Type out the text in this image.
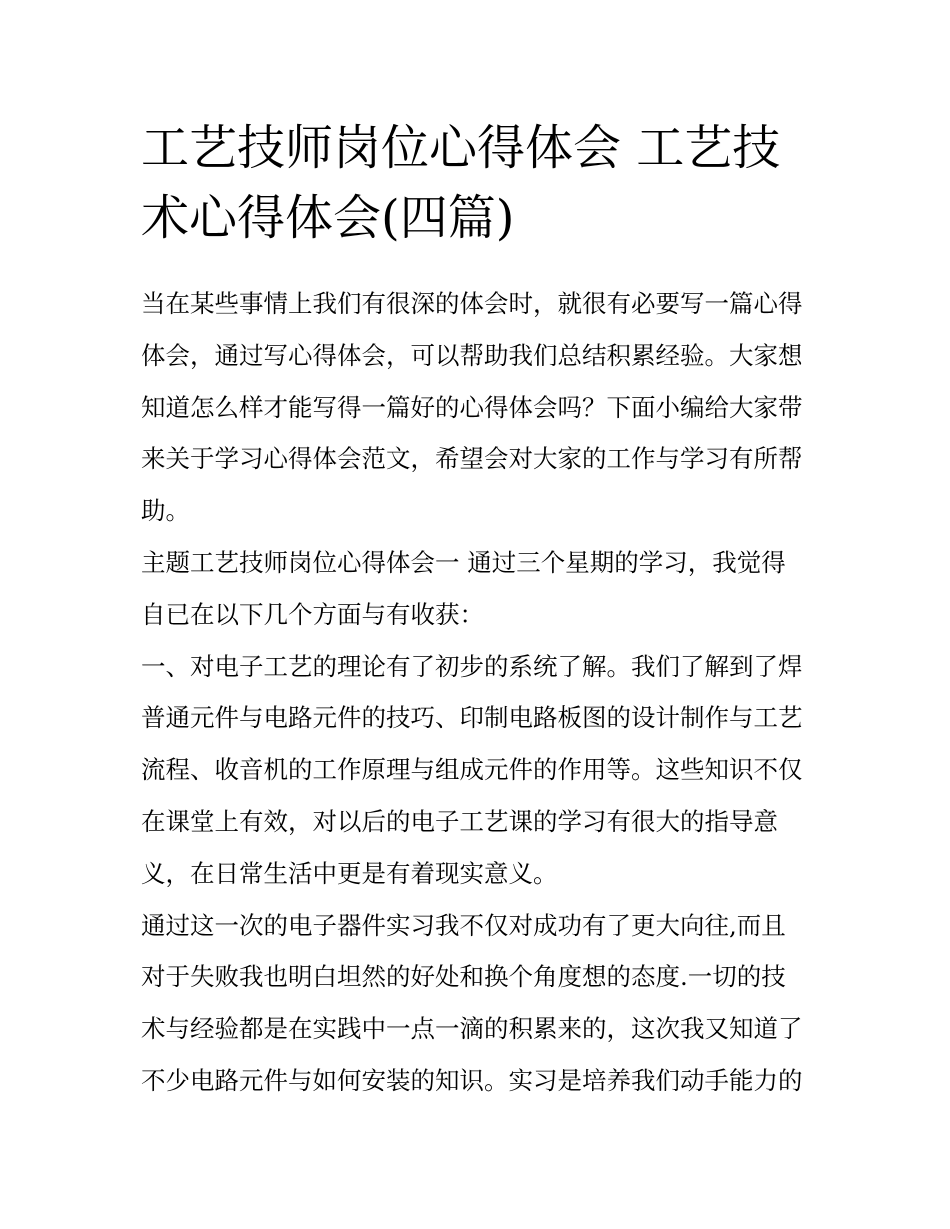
工艺技师岗位心得体会 工艺技
术心得体会(四篇)
当在某些事情上我们有很深的体会时，就很有必要写一篇心得
体会，通过写心得体会，可以帮助我们总结积累经验。大家想
知道怎么样才能写得一篇好的心得体会吗？下面小编给大家带
来关于学习心得体会范文，希望会对大家的工作与学习有所帮
助。
主题工艺技师岗位心得体会一 通过三个星期的学习，我觉得
自已在以下几个方面与有收获：
一、对电子工艺的理论有了初步的系统了解。我们了解到了焊
普通元件与电路元件的技巧、印制电路板图的设计制作与工艺
流程、收音机的工作原理与组成元件的作用等。这些知识不仅
在课堂上有效，对以后的电子工艺课的学习有很大的指导意
义，在日常生活中更是有着现实意义。
通过这一次的电子器件实习我不仅对成功有了更大向往,而且
对于失败我也明白坦然的好处和换个角度想的态度.一切的技
术与经验都是在实践中一点一滴的积累来的，这次我又知道了
不少电路元件与如何安装的知识。实习是培养我们动手能力的
